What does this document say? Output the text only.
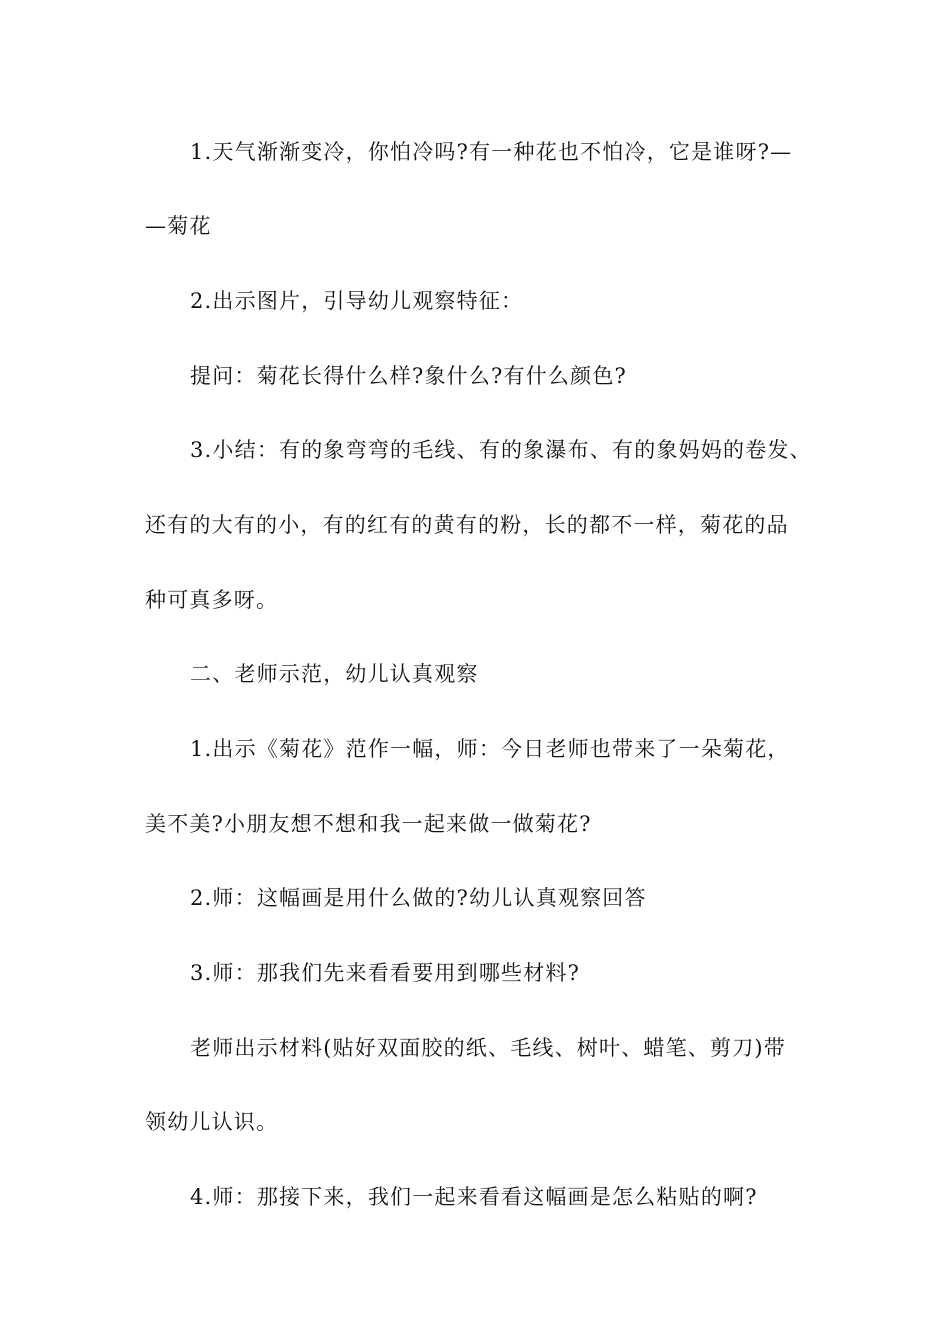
1.天气渐渐变冷，你怕冷吗?有一种花也不怕冷，它是谁呀?—
—菊花
2.出示图片，引导幼儿观察特征：
提问：菊花长得什么样?象什么?有什么颜色?
3.小结：有的象弯弯的毛线、有的象瀑布、有的象妈妈的卷发、
还有的大有的小，有的红有的黄有的粉，长的都不一样，菊花的品
种可真多呀。
二、老师示范，幼儿认真观察
1.出示《菊花》范作一幅，师：今日老师也带来了一朵菊花，
美不美?小朋友想不想和我一起来做一做菊花?
2.师：这幅画是用什么做的?幼儿认真观察回答
3.师：那我们先来看看要用到哪些材料?
老师出示材料(贴好双面胶的纸、毛线、树叶、蜡笔、剪刀)带
领幼儿认识。
4.师：那接下来，我们一起来看看这幅画是怎么粘贴的啊?
